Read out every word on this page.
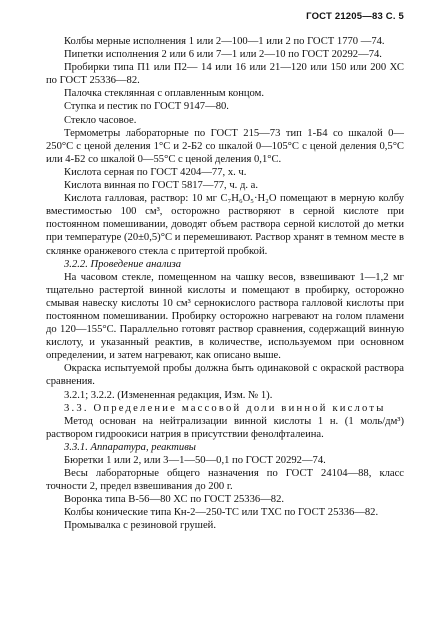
ГОСТ 21205—83 С. 5

Колбы мерные исполнения 1 или 2—100—1 или 2 по ГОСТ 1770 —74.

Пипетки исполнения 2 или 6 или 7—1 или 2—10 по ГОСТ 20292—74.

Пробирки типа П1 или П2— 14 или 16 или 21—120 или 150 или 200 ХС по ГОСТ 25336—82.

Палочка стеклянная с оплавленным концом.

Ступка и пестик по ГОСТ 9147—80.

Стекло часовое.

Термометры лабораторные по ГОСТ 215—73 тип 1-Б4 со шкалой 0—250°С с ценой деления 1°С и 2-Б2 со шкалой 0—105°С с ценой деления 0,5°С или 4-Б2 со шкалой 0—55°С с ценой деления 0,1°С.

Кислота серная по ГОСТ 4204—77, х. ч.

Кислота винная по ГОСТ 5817—77, ч. д. а.

Кислота галловая, раствор: 10 мг C₇H₆O₅·H₂O помещают в мерную колбу вместимостью 100 см³, осторожно растворяют в серной кислоте при постоянном помешивании, доводят объем раствора серной кислотой до метки при температуре (20±0,5)°С и перемешивают. Раствор хранят в темном месте в склянке оранжевого стекла с притертой пробкой.

3.2.2. Проведение анализа

На часовом стекле, помещенном на чашку весов, взвешивают 1—1,2 мг тщательно растертой винной кислоты и помещают в пробирку, осторожно смывая навеску кислоты 10 см³ сернокислого раствора галловой кислоты при постоянном помешивании. Пробирку осторожно нагревают на голом пламени до 120—155°С. Параллельно готовят раствор сравнения, содержащий винную кислоту, и указанный реактив, в количестве, используемом при основном определении, и затем нагревают, как описано выше.

Окраска испытуемой пробы должна быть одинаковой с окраской раствора сравнения.

3.2.1; 3.2.2. (Измененная редакция, Изм. № 1).

3.3. Определение массовой доли винной кислоты

Метод основан на нейтрализации винной кислоты 1 н. (1 моль/дм³) раствором гидроокиси натрия в присутствии фенолфталеина.

3.3.1. Аппаратура, реактивы

Бюретки 1 или 2, или 3—1—50—0,1 по ГОСТ 20292—74.

Весы лабораторные общего назначения по ГОСТ 24104—88, класс точности 2, предел взвешивания до 200 г.

Воронка типа В-56—80 ХС по ГОСТ 25336—82.

Колбы конические типа Кн-2—250-ТС или ТХС по ГОСТ 25336—82.

Промывалка с резиновой грушей.
